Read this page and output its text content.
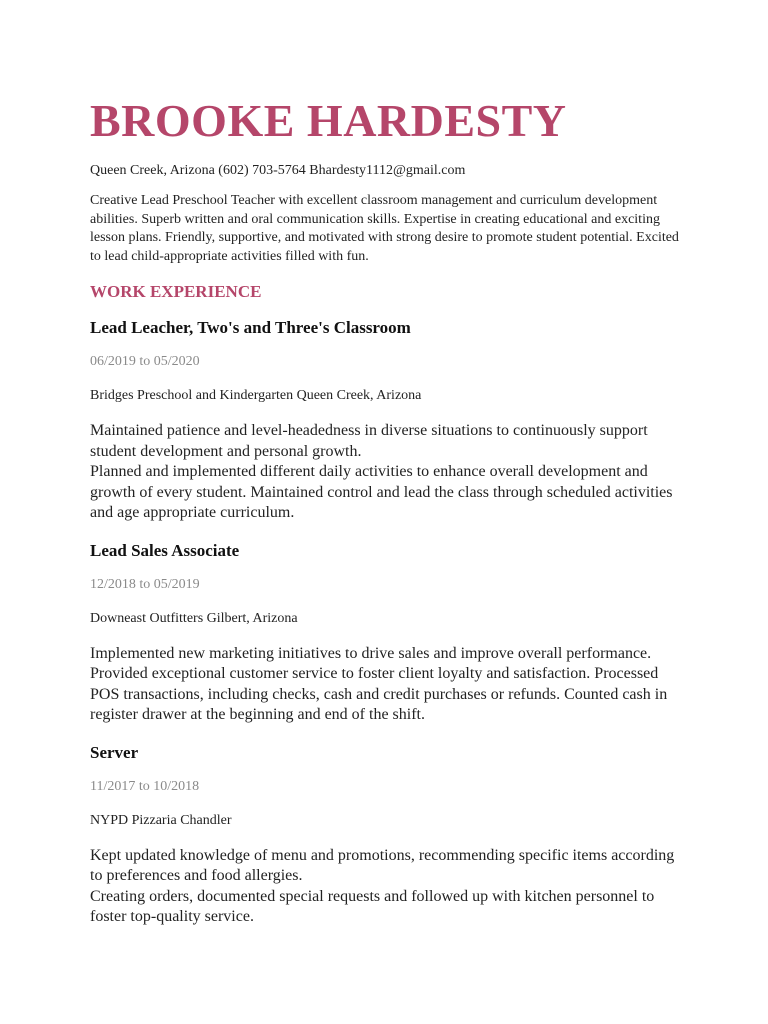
BROOKE HARDESTY
Queen Creek, Arizona (602) 703-5764 Bhardesty1112@gmail.com
Creative Lead Preschool Teacher with excellent classroom management and curriculum development abilities. Superb written and oral communication skills. Expertise in creating educational and exciting lesson plans. Friendly, supportive, and motivated with strong desire to promote student potential. Excited to lead child-appropriate activities filled with fun.
WORK EXPERIENCE
Lead Leacher, Two's and Three's Classroom
06/2019 to 05/2020
Bridges Preschool and Kindergarten Queen Creek, Arizona

Maintained patience and level-headedness in diverse situations to continuously support student development and personal growth.

Planned and implemented different daily activities to enhance overall development and growth of every student. Maintained control and lead the class through scheduled activities and age appropriate curriculum.

Lead Sales Associate
12/2018 to 05/2019
Downeast Outfitters Gilbert, Arizona

Implemented new marketing initiatives to drive sales and improve overall performance. Provided exceptional customer service to foster client loyalty and satisfaction. Processed POS transactions, including checks, cash and credit purchases or refunds. Counted cash in register drawer at the beginning and end of the shift.

Server
11/2017 to 10/2018
NYPD Pizzaria Chandler

Kept updated knowledge of menu and promotions, recommending specific items according to preferences and food allergies.

Creating orders, documented special requests and followed up with kitchen personnel to foster top-quality service.
